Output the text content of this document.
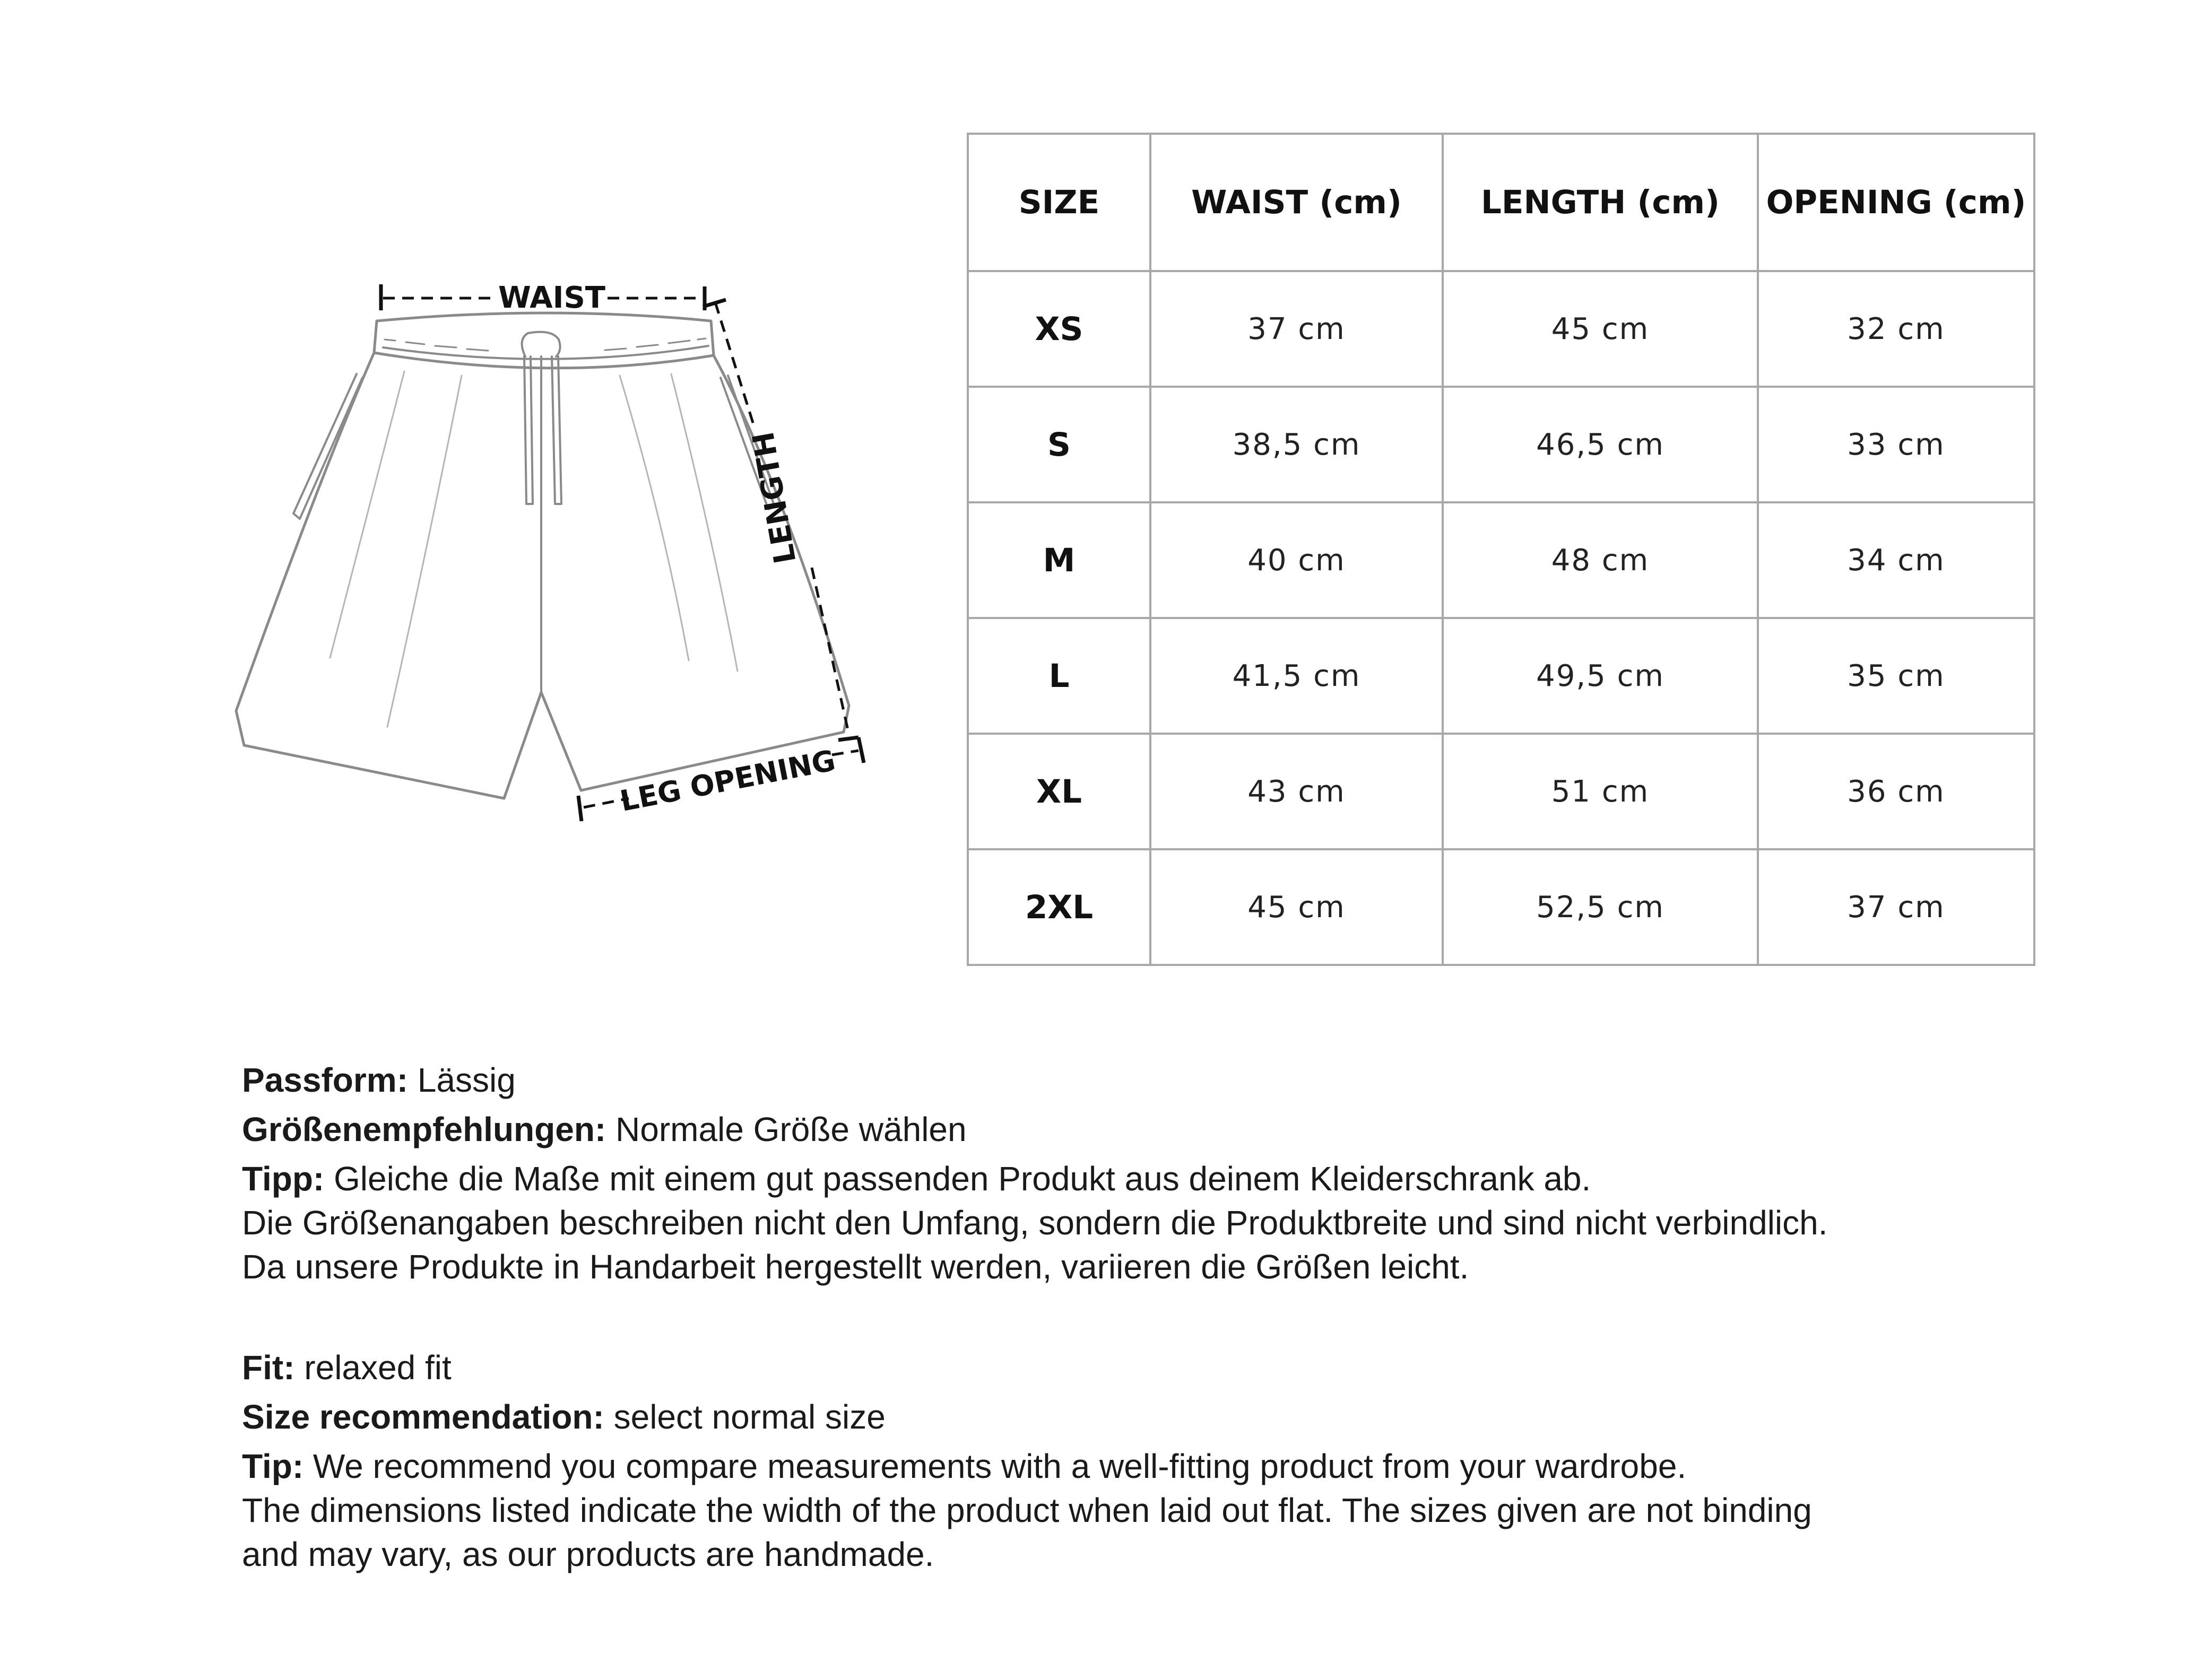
WAIST
LENGTH
LEG OPENING
SIZE	WAIST (cm)	LENGTH (cm)	OPENING (cm)
XS	37 cm	45 cm	32 cm
S	38,5 cm	46,5 cm	33 cm
M	40 cm	48 cm	34 cm
L	41,5 cm	49,5 cm	35 cm
XL	43 cm	51 cm	36 cm
2XL	45 cm	52,5 cm	37 cm

Passform: Lässig

Größenempfehlungen: Normale Größe wählen

Tipp: Gleiche die Maße mit einem gut passenden Produkt aus deinem Kleiderschrank ab.

Die Größenangaben beschreiben nicht den Umfang, sondern die Produktbreite und sind nicht verbindlich.

Da unsere Produkte in Handarbeit hergestellt werden, variieren die Größen leicht.

Fit: relaxed fit

Size recommendation: select normal size

Tip: We recommend you compare measurements with a well-fitting product from your wardrobe.

The dimensions listed indicate the width of the product when laid out flat. The sizes given are not binding

and may vary, as our products are handmade.
